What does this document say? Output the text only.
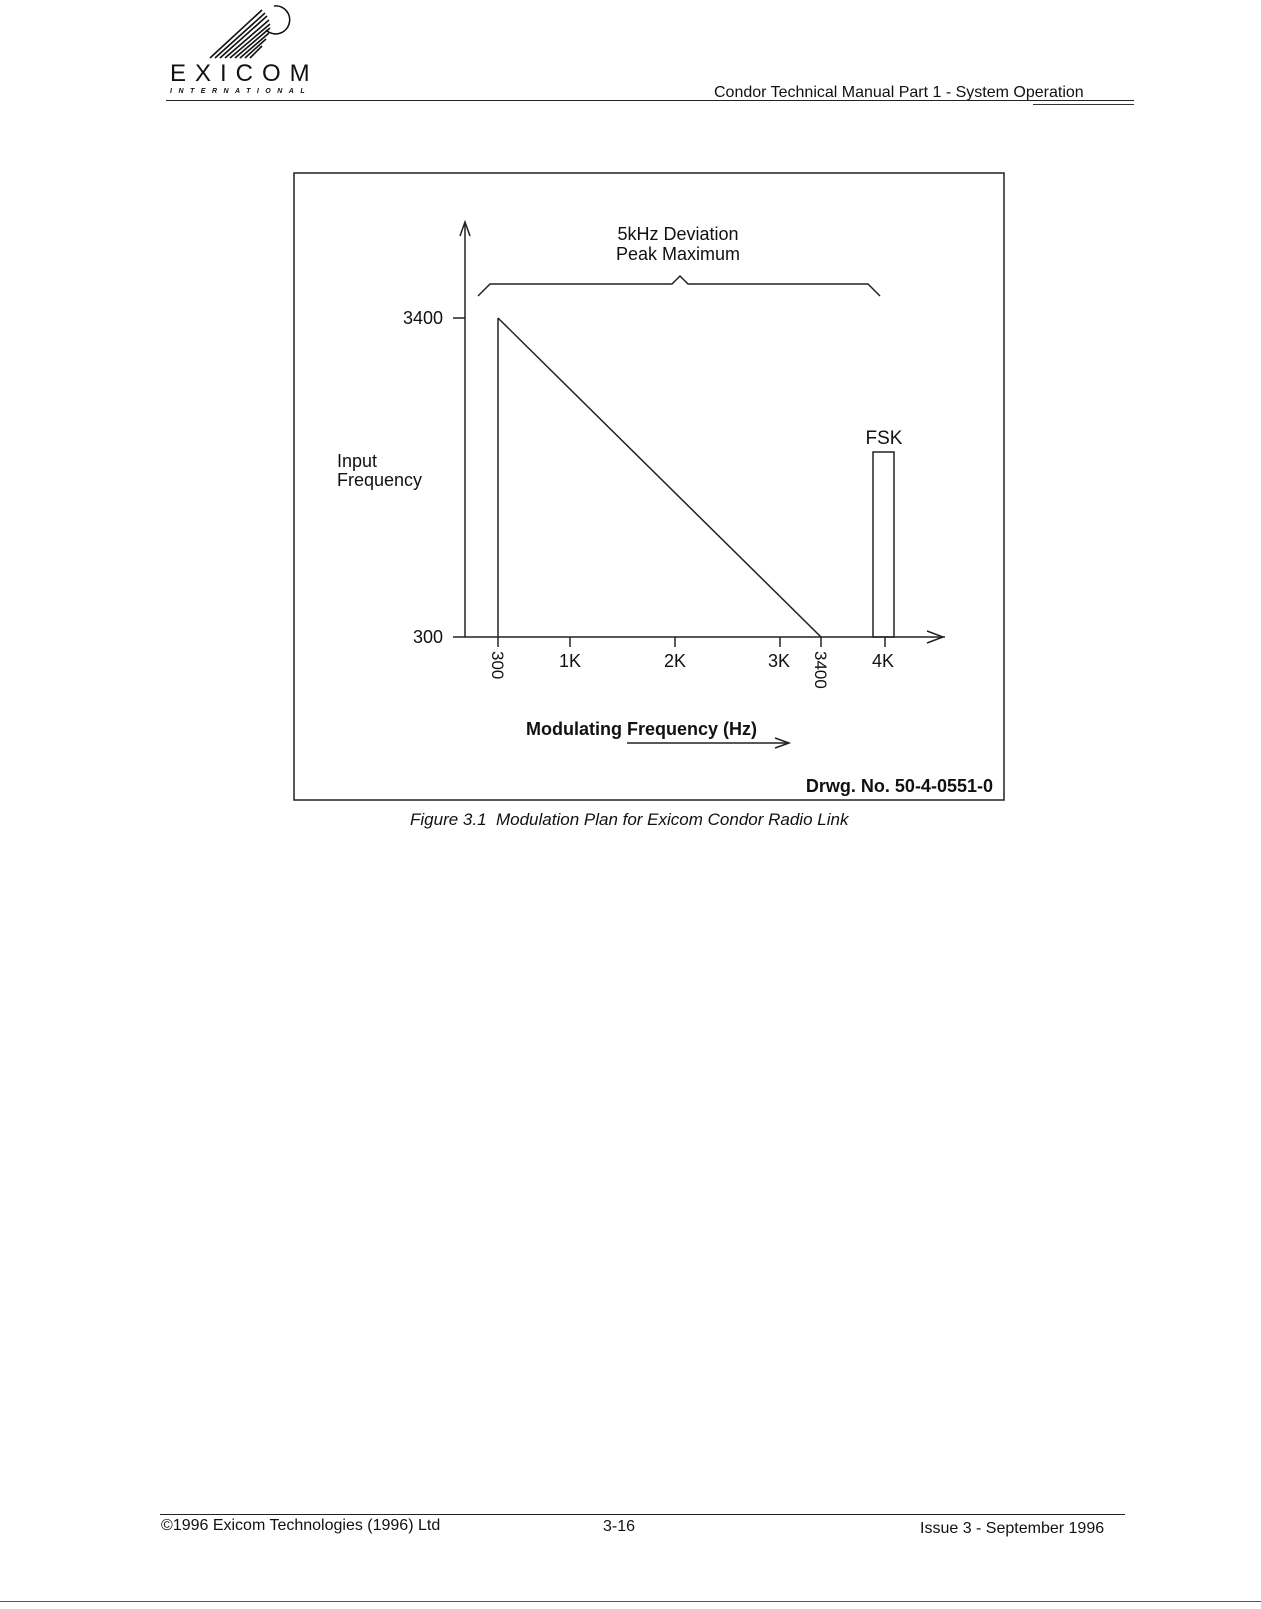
EXICOM
INTERNATIONAL	Condor Technical Manual Part 1 - System Operation
5kHz Deviation
Peak Maximum
3400
300
Input
Frequency
1K	2K	3K	4K
300	3400
FSK
Modulating Frequency (Hz)
Drwg. No. 50-4-0551-0
Figure 3.1  Modulation Plan for Exicom Condor Radio Link
©1996 Exicom Technologies (1996) Ltd	3-16	Issue 3 - September 1996
